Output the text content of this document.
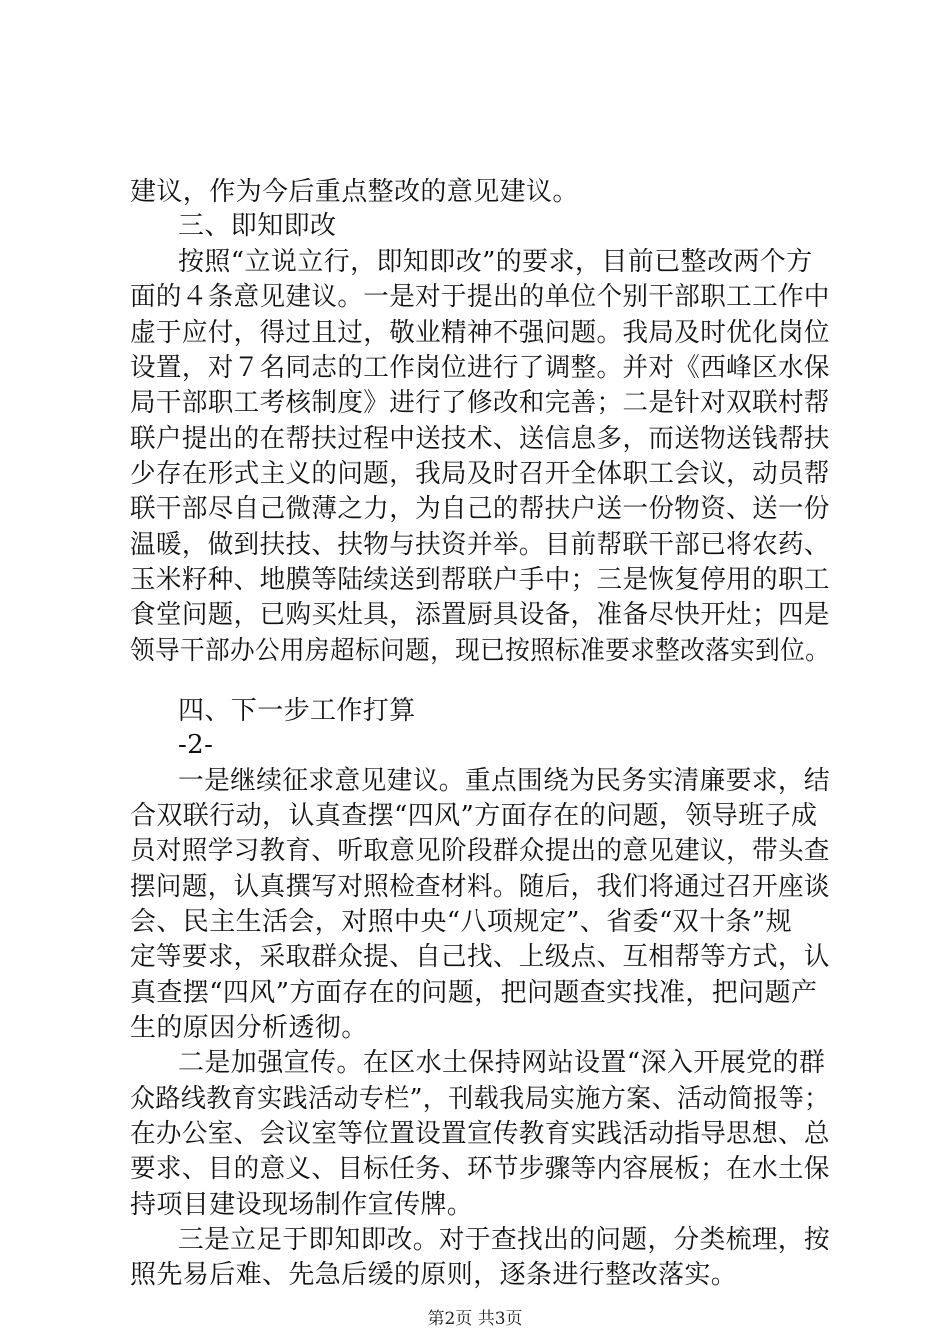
建议，作为今后重点整改的意见建议。
三、即知即改
按照“立说立行，即知即改”的要求，目前已整改两个方
面的４条意见建议。一是对于提出的单位个别干部职工工作中
虚于应付，得过且过，敬业精神不强问题。我局及时优化岗位
设置，对７名同志的工作岗位进行了调整。并对《西峰区水保
局干部职工考核制度》进行了修改和完善；二是针对双联村帮
联户提出的在帮扶过程中送技术、送信息多，而送物送钱帮扶
少存在形式主义的问题，我局及时召开全体职工会议，动员帮
联干部尽自己微薄之力，为自己的帮扶户送一份物资、送一份
温暖，做到扶技、扶物与扶资并举。目前帮联干部已将农药、
玉米籽种、地膜等陆续送到帮联户手中；三是恢复停用的职工
食堂问题，已购买灶具，添置厨具设备，准备尽快开灶；四是
领导干部办公用房超标问题，现已按照标准要求整改落实到位。
四、下一步工作打算
-2-
一是继续征求意见建议。重点围绕为民务实清廉要求，结
合双联行动，认真查摆“四风”方面存在的问题，领导班子成
员对照学习教育、听取意见阶段群众提出的意见建议，带头查
摆问题，认真撰写对照检查材料。随后，我们将通过召开座谈
会、民主生活会，对照中央“八项规定”、省委“双十条”规
定等要求，采取群众提、自己找、上级点、互相帮等方式，认
真查摆“四风”方面存在的问题，把问题查实找准，把问题产
生的原因分析透彻。
二是加强宣传。在区水土保持网站设置“深入开展党的群
众路线教育实践活动专栏”，刊载我局实施方案、活动简报等；
在办公室、会议室等位置设置宣传教育实践活动指导思想、总
要求、目的意义、目标任务、环节步骤等内容展板；在水土保
持项目建设现场制作宣传牌。
三是立足于即知即改。对于查找出的问题，分类梳理，按
照先易后难、先急后缓的原则，逐条进行整改落实。
第2页 共3页
